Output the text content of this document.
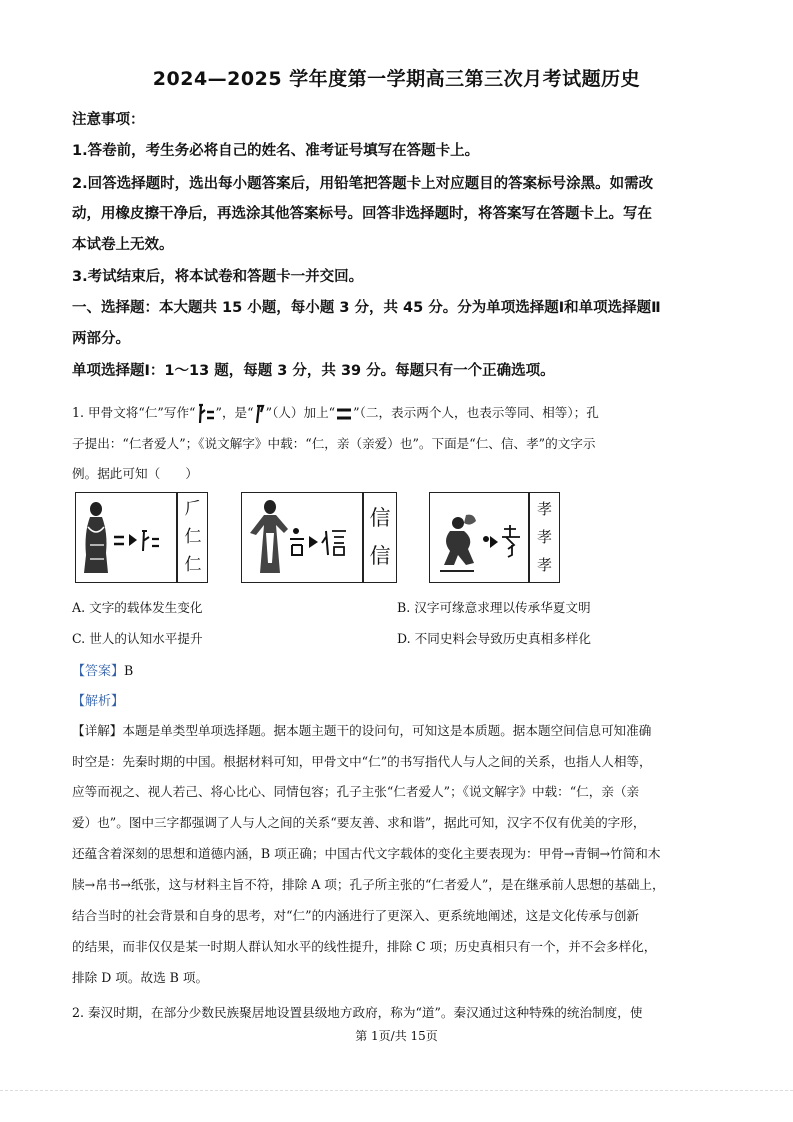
2024—2025 学年度第一学期高三第三次月考试题历史
注意事项：
1.答卷前，考生务必将自己的姓名、准考证号填写在答题卡上。
2.回答选择题时，选出每小题答案后，用铅笔把答题卡上对应题目的答案标号涂黑。如需改
动，用橡皮擦干净后，再选涂其他答案标号。回答非选择题时，将答案写在答题卡上。写在
本试卷上无效。
3.考试结束后，将本试卷和答题卡一并交回。
一、选择题：本大题共 15 小题，每小题 3 分，共 45 分。分为单项选择题Ⅰ和单项选择题Ⅱ
两部分。
单项选择题Ⅰ：1～13 题，每题 3 分，共 39 分。每题只有一个正确选项。
1. 甲骨文将“仁”写作“ ”，是“ ”（人）加上“ ”（二，表示两个人，也表示等同、相等）；孔
子提出：“仁者爱人”；《说文解字》中载：“仁，亲（亲爱）也”。下面是“仁、信、孝”的文字示
例。据此可知（　　）
𠂆
仁
仁
信
信
孝
孝
孝
A. 文字的载体发生变化	B. 汉字可缘意求理以传承华夏文明
C. 世人的认知水平提升	D. 不同史料会导致历史真相多样化
【答案】B
【解析】
【详解】本题是单类型单项选择题。据本题主题干的设问句，可知这是本质题。据本题空间信息可知准确
时空是：先秦时期的中国。根据材料可知，甲骨文中“仁”的书写指代人与人之间的关系，也指人人相等，
应等而视之、视人若己、将心比心、同情包容；孔子主张“仁者爱人”；《说文解字》中载：“仁，亲（亲
爱）也”。图中三字都强调了人与人之间的关系“要友善、求和谐”，据此可知，汉字不仅有优美的字形，
还蕴含着深刻的思想和道德内涵，B 项正确；中国古代文字载体的变化主要表现为：甲骨→青铜→竹简和木
牍→帛书→纸张，这与材料主旨不符，排除 A 项；孔子所主张的“仁者爱人”，是在继承前人思想的基础上，
结合当时的社会背景和自身的思考，对“仁”的内涵进行了更深入、更系统地阐述，这是文化传承与创新
的结果，而非仅仅是某一时期人群认知水平的线性提升，排除 C 项；历史真相只有一个，并不会多样化，
排除 D 项。故选 B 项。
2. 秦汉时期，在部分少数民族聚居地设置县级地方政府，称为“道”。秦汉通过这种特殊的统治制度，使
第 1页/共 15页
